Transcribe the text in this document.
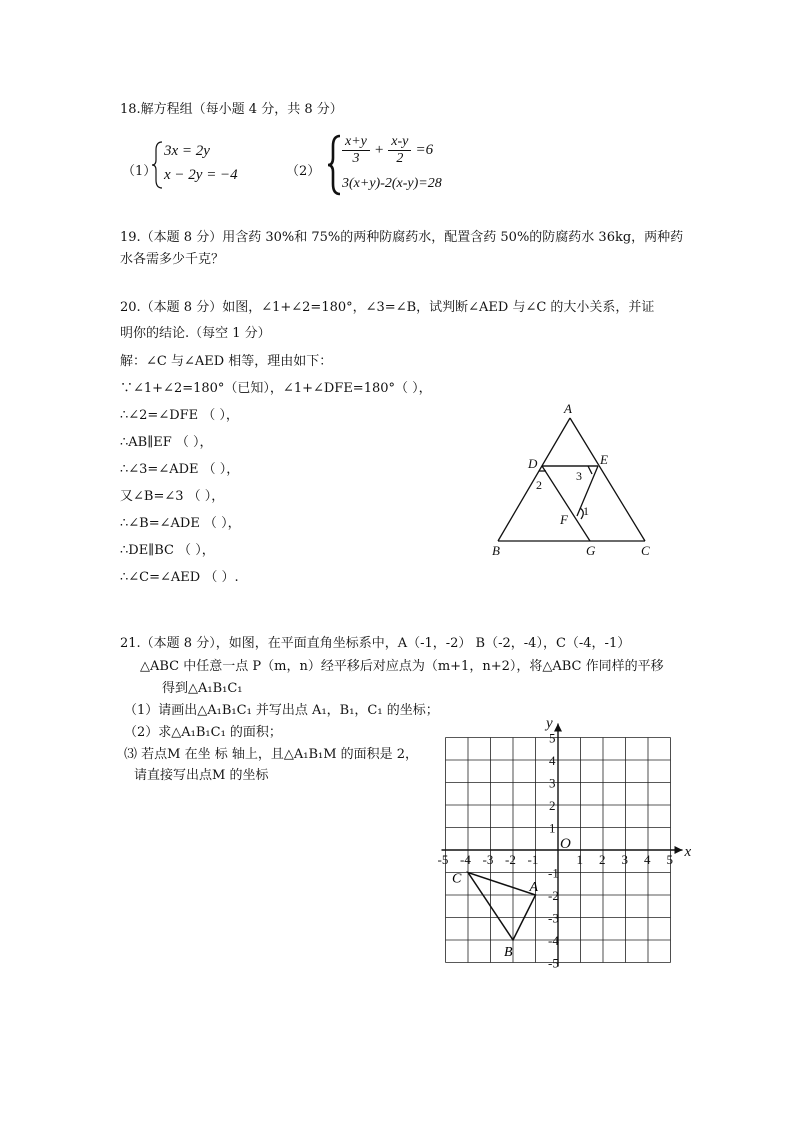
18.解方程组（每小题 4 分，共 8 分）
（1）
3x = 2y
x − 2y = −4	（2）
$\frac{x+y}{3} + \frac{x-y}{2} =6$
3(x+y)-2(x-y)=28
19.（本题 8 分）用含药 30%和 75%的两种防腐药水，配置含药 50%的防腐药水 36kg，两种药
水各需多少千克？
20.（本题 8 分）如图，∠1+∠2=180°，∠3=∠B，试判断∠AED 与∠C 的大小关系，并证
明你的结论.（每空 1 分）
解：∠C 与∠AED 相等，理由如下：
∵∠1+∠2=180°（已知），∠1+∠DFE=180°（ ），
∴∠2=∠DFE （ ），
∴AB∥EF （ ），
∴∠3=∠ADE （ ），
又∠B=∠3 （ ），
∴∠B=∠ADE （ ），
∴DE∥BC （ ），
∴∠C=∠AED （ ）.
A
D	E
F
B	G	C
2
3
1
21.（本题 8 分），如图，在平面直角坐标系中，A（-1，-2） B（-2，-4），C（-4，-1）
△ABC 中任意一点 P（m，n）经平移后对应点为（m+1，n+2），将△ABC 作同样的平移
得到△A₁B₁C₁
（1）请画出△A₁B₁C₁ 并写出点 A₁，B₁，C₁ 的坐标；
（2）求△A₁B₁C₁ 的面积；
⑶ 若点M 在坐 标 轴上，且△A₁B₁M 的面积是 2，
请直接写出点M 的坐标
-5 -4 -3 -2 -1	1 2 3 4 5
5
4
3
2
1
-1
-2
-3
-4
-5
x
y
O
A
B
C
